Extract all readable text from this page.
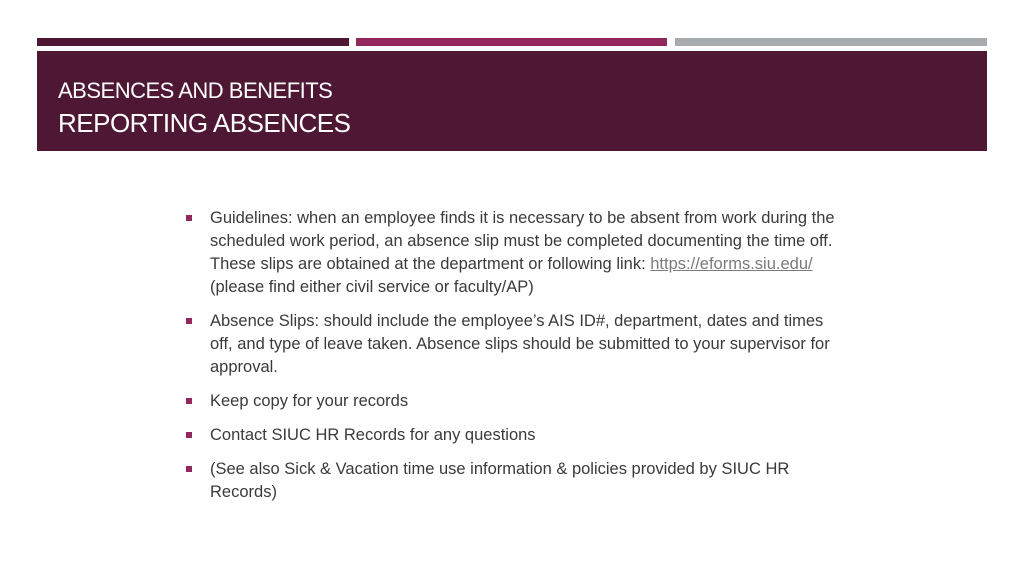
ABSENCES AND BENEFITS
REPORTING ABSENCES
Guidelines: when an employee finds it is necessary to be absent from work during the scheduled work period, an absence slip must be completed documenting the time off. These slips are obtained at the department or following link: https://eforms.siu.edu/ (please find either civil service or faculty/AP)
Absence Slips: should include the employee’s AIS ID#, department, dates and times off, and type of leave taken. Absence slips should be submitted to your supervisor for approval.
Keep copy for your records
Contact SIUC HR Records for any questions
(See also Sick & Vacation time use information & policies provided by SIUC HR Records)
